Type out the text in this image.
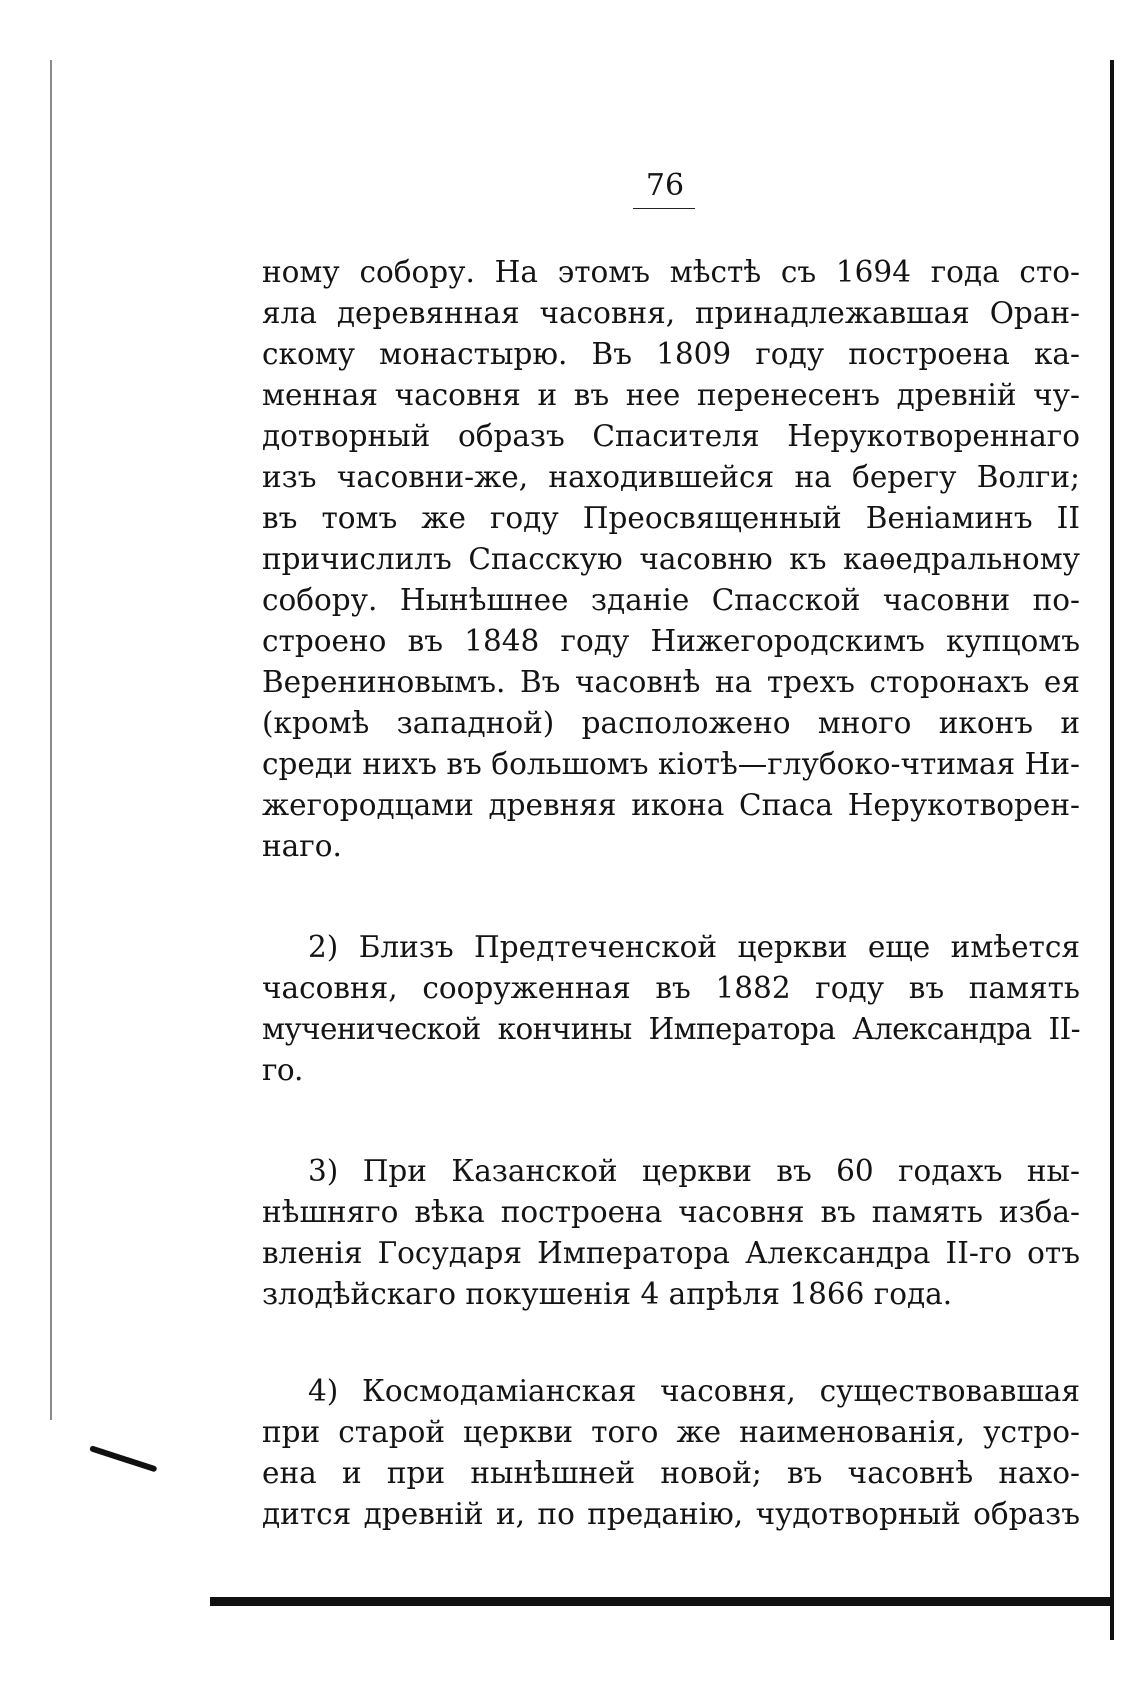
76
ному собору. На этомъ мѣстѣ съ 1694 года сто-
яла деревянная часовня, принадлежавшая Оран-
скому монастырю. Въ 1809 году построена ка-
менная часовня и въ нее перенесенъ древній чу-
дотворный образъ Спасителя Нерукотвореннаго
изъ часовни-же, находившейся на берегу Волги;
въ томъ же году Преосвященный Веніаминъ II
причислилъ Спасскую часовню къ каѳедральному
собору. Нынѣшнее зданіе Спасской часовни по-
строено въ 1848 году Нижегородскимъ купцомъ
Верениновымъ. Въ часовнѣ на трехъ сторонахъ ея
(кромѣ западной) расположено много иконъ и
среди нихъ въ большомъ кіотѣ—глубоко-чтимая Ни-
жегородцами древняя икона Спаса Нерукотворен-
наго.
2) Близъ Предтеченской церкви еще имѣется
часовня, сооруженная въ 1882 году въ память
мученической кончины Императора Александра II-го.
3) При Казанской церкви въ 60 годахъ ны-
нѣшняго вѣка построена часовня въ память изба-
вленія Государя Императора Александра II-го отъ
злодѣйскаго покушенія 4 апрѣля 1866 года.
4) Космодаміанская часовня, существовавшая
при старой церкви того же наименованія, устро-
ена и при нынѣшней новой; въ часовнѣ нахо-
дится древній и, по преданію, чудотворный образъ
